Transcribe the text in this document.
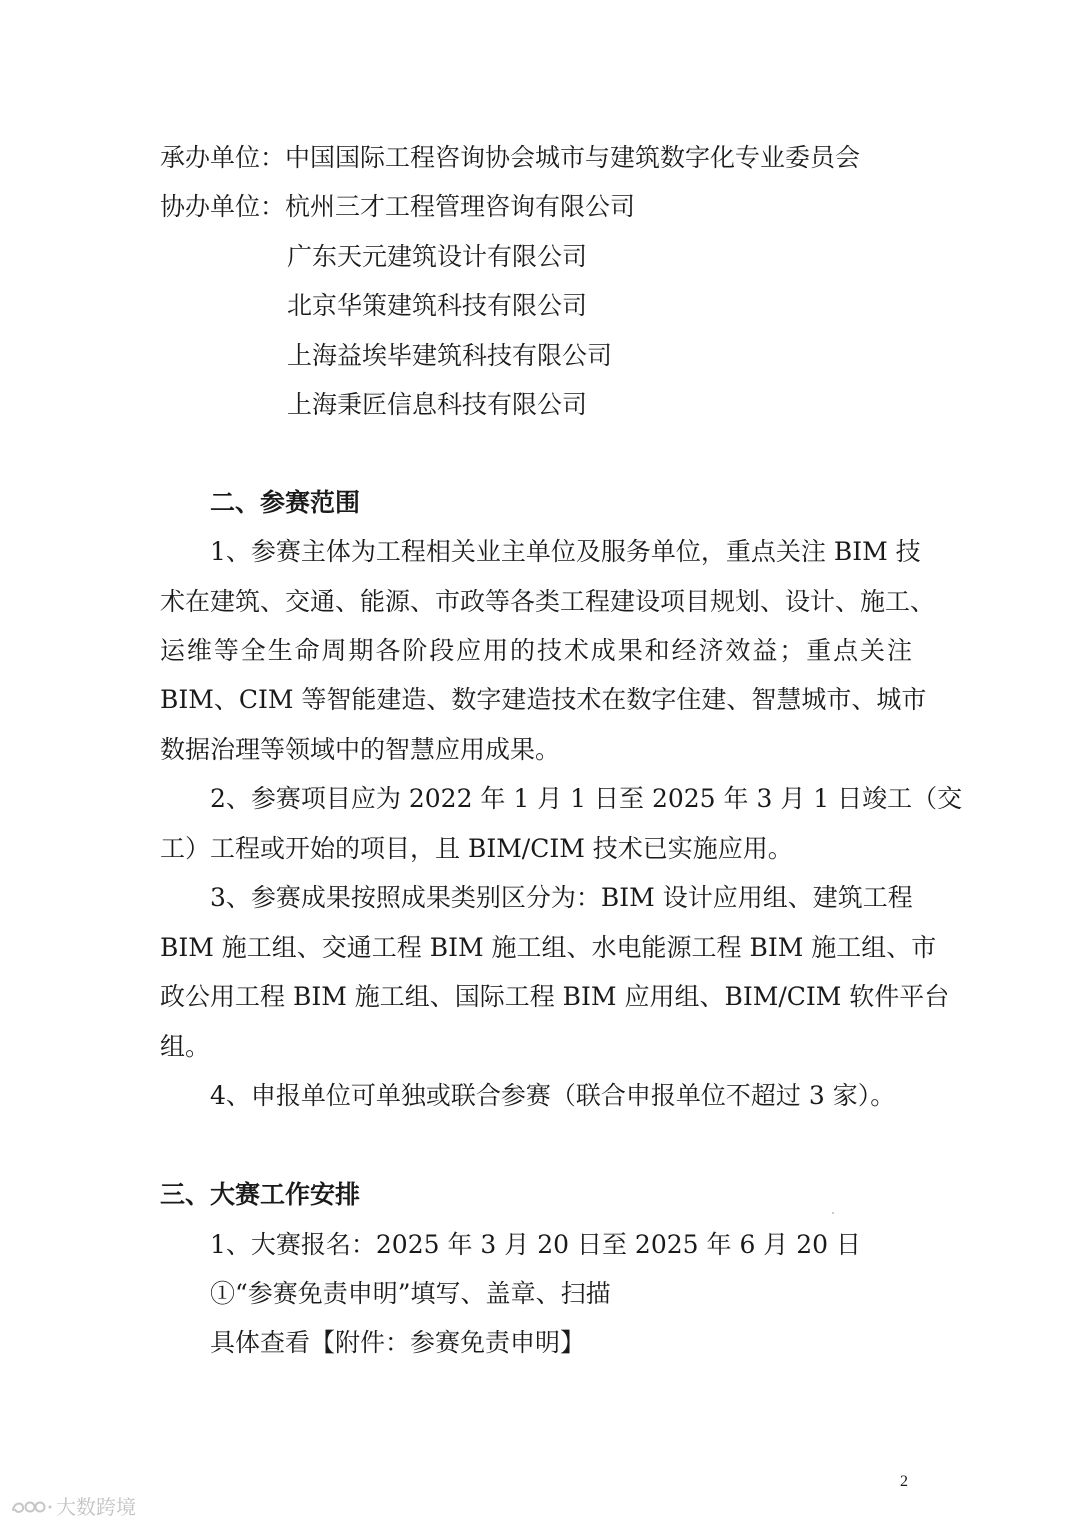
承办单位：中国国际工程咨询协会城市与建筑数字化专业委员会
协办单位：杭州三才工程管理咨询有限公司
广东天元建筑设计有限公司
北京华策建筑科技有限公司
上海益埃毕建筑科技有限公司
上海秉匠信息科技有限公司
二、参赛范围
1、参赛主体为工程相关业主单位及服务单位，重点关注 BIM 技
术在建筑、交通、能源、市政等各类工程建设项目规划、设计、施工、
运维等全生命周期各阶段应用的技术成果和经济效益；重点关注
BIM、CIM 等智能建造、数字建造技术在数字住建、智慧城市、城市
数据治理等领域中的智慧应用成果。
2、参赛项目应为 2022 年 1 月 1 日至 2025 年 3 月 1 日竣工（交
工）工程或开始的项目，且 BIM/CIM 技术已实施应用。
3、参赛成果按照成果类别区分为：BIM 设计应用组、建筑工程
BIM 施工组、交通工程 BIM 施工组、水电能源工程 BIM 施工组、市
政公用工程 BIM 施工组、国际工程 BIM 应用组、BIM/CIM 软件平台
组。
4、申报单位可单独或联合参赛（联合申报单位不超过 3 家）。
三、大赛工作安排
1、大赛报名：2025 年 3 月 20 日至 2025 年 6 月 20 日
①“参赛免责申明”填写、盖章、扫描
具体查看【附件：参赛免责申明】
2
大数跨境
